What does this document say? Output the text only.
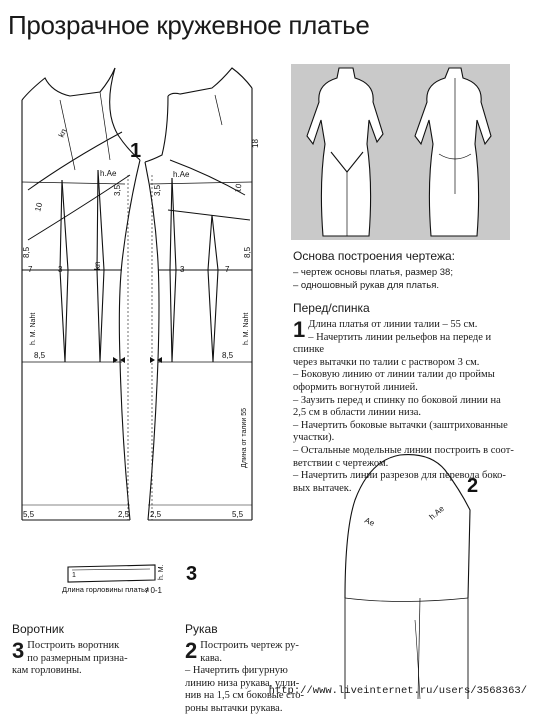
Прозрачное кружевное платье
1
kn
h.Ae	h.Ae
10
10
18
3,5	3,5
8,5
7	3	kn	3	7
8,5
h. M. Naht	h. M. Naht
8,5	8,5
Длина от талии 55
5,5	2,5	2,5	5,5
1
Длина горловины платья
/ 0-1
h. M. 3
2
Ae
h.Ae
Основа построения чертежа:
– чертеж основы платья, размер 38;
– одношовный рукав для платья.
Перед/спинка
1 Длина платья от линии талии – 55 см.
– Начертить линии рельефов на переде и спинке
через вытачки по талии с раствором 3 см.
– Боковую линию от линии талии до проймы
оформить вогнутой линией.
– Заузить перед и спинку по боковой линии на
2,5 см в области линии низа.
– Начертить боковые вытачки (заштрихованные
участки).
– Остальные модельные линии построить в соот-
ветствии с чертежом.
– Начертить линии разрезов для перевода боко-
вых вытачек.
Воротник
3 Построить воротник
по размерным призна-
кам горловины.
Рукав
2 Построить чертеж ру-
кава.
– Начертить фигурную
линию низа рукава, удли-
нив на 1,5 см боковые сто-
роны вытачки рукава.
http://www.liveinternet.ru/users/3568363/
